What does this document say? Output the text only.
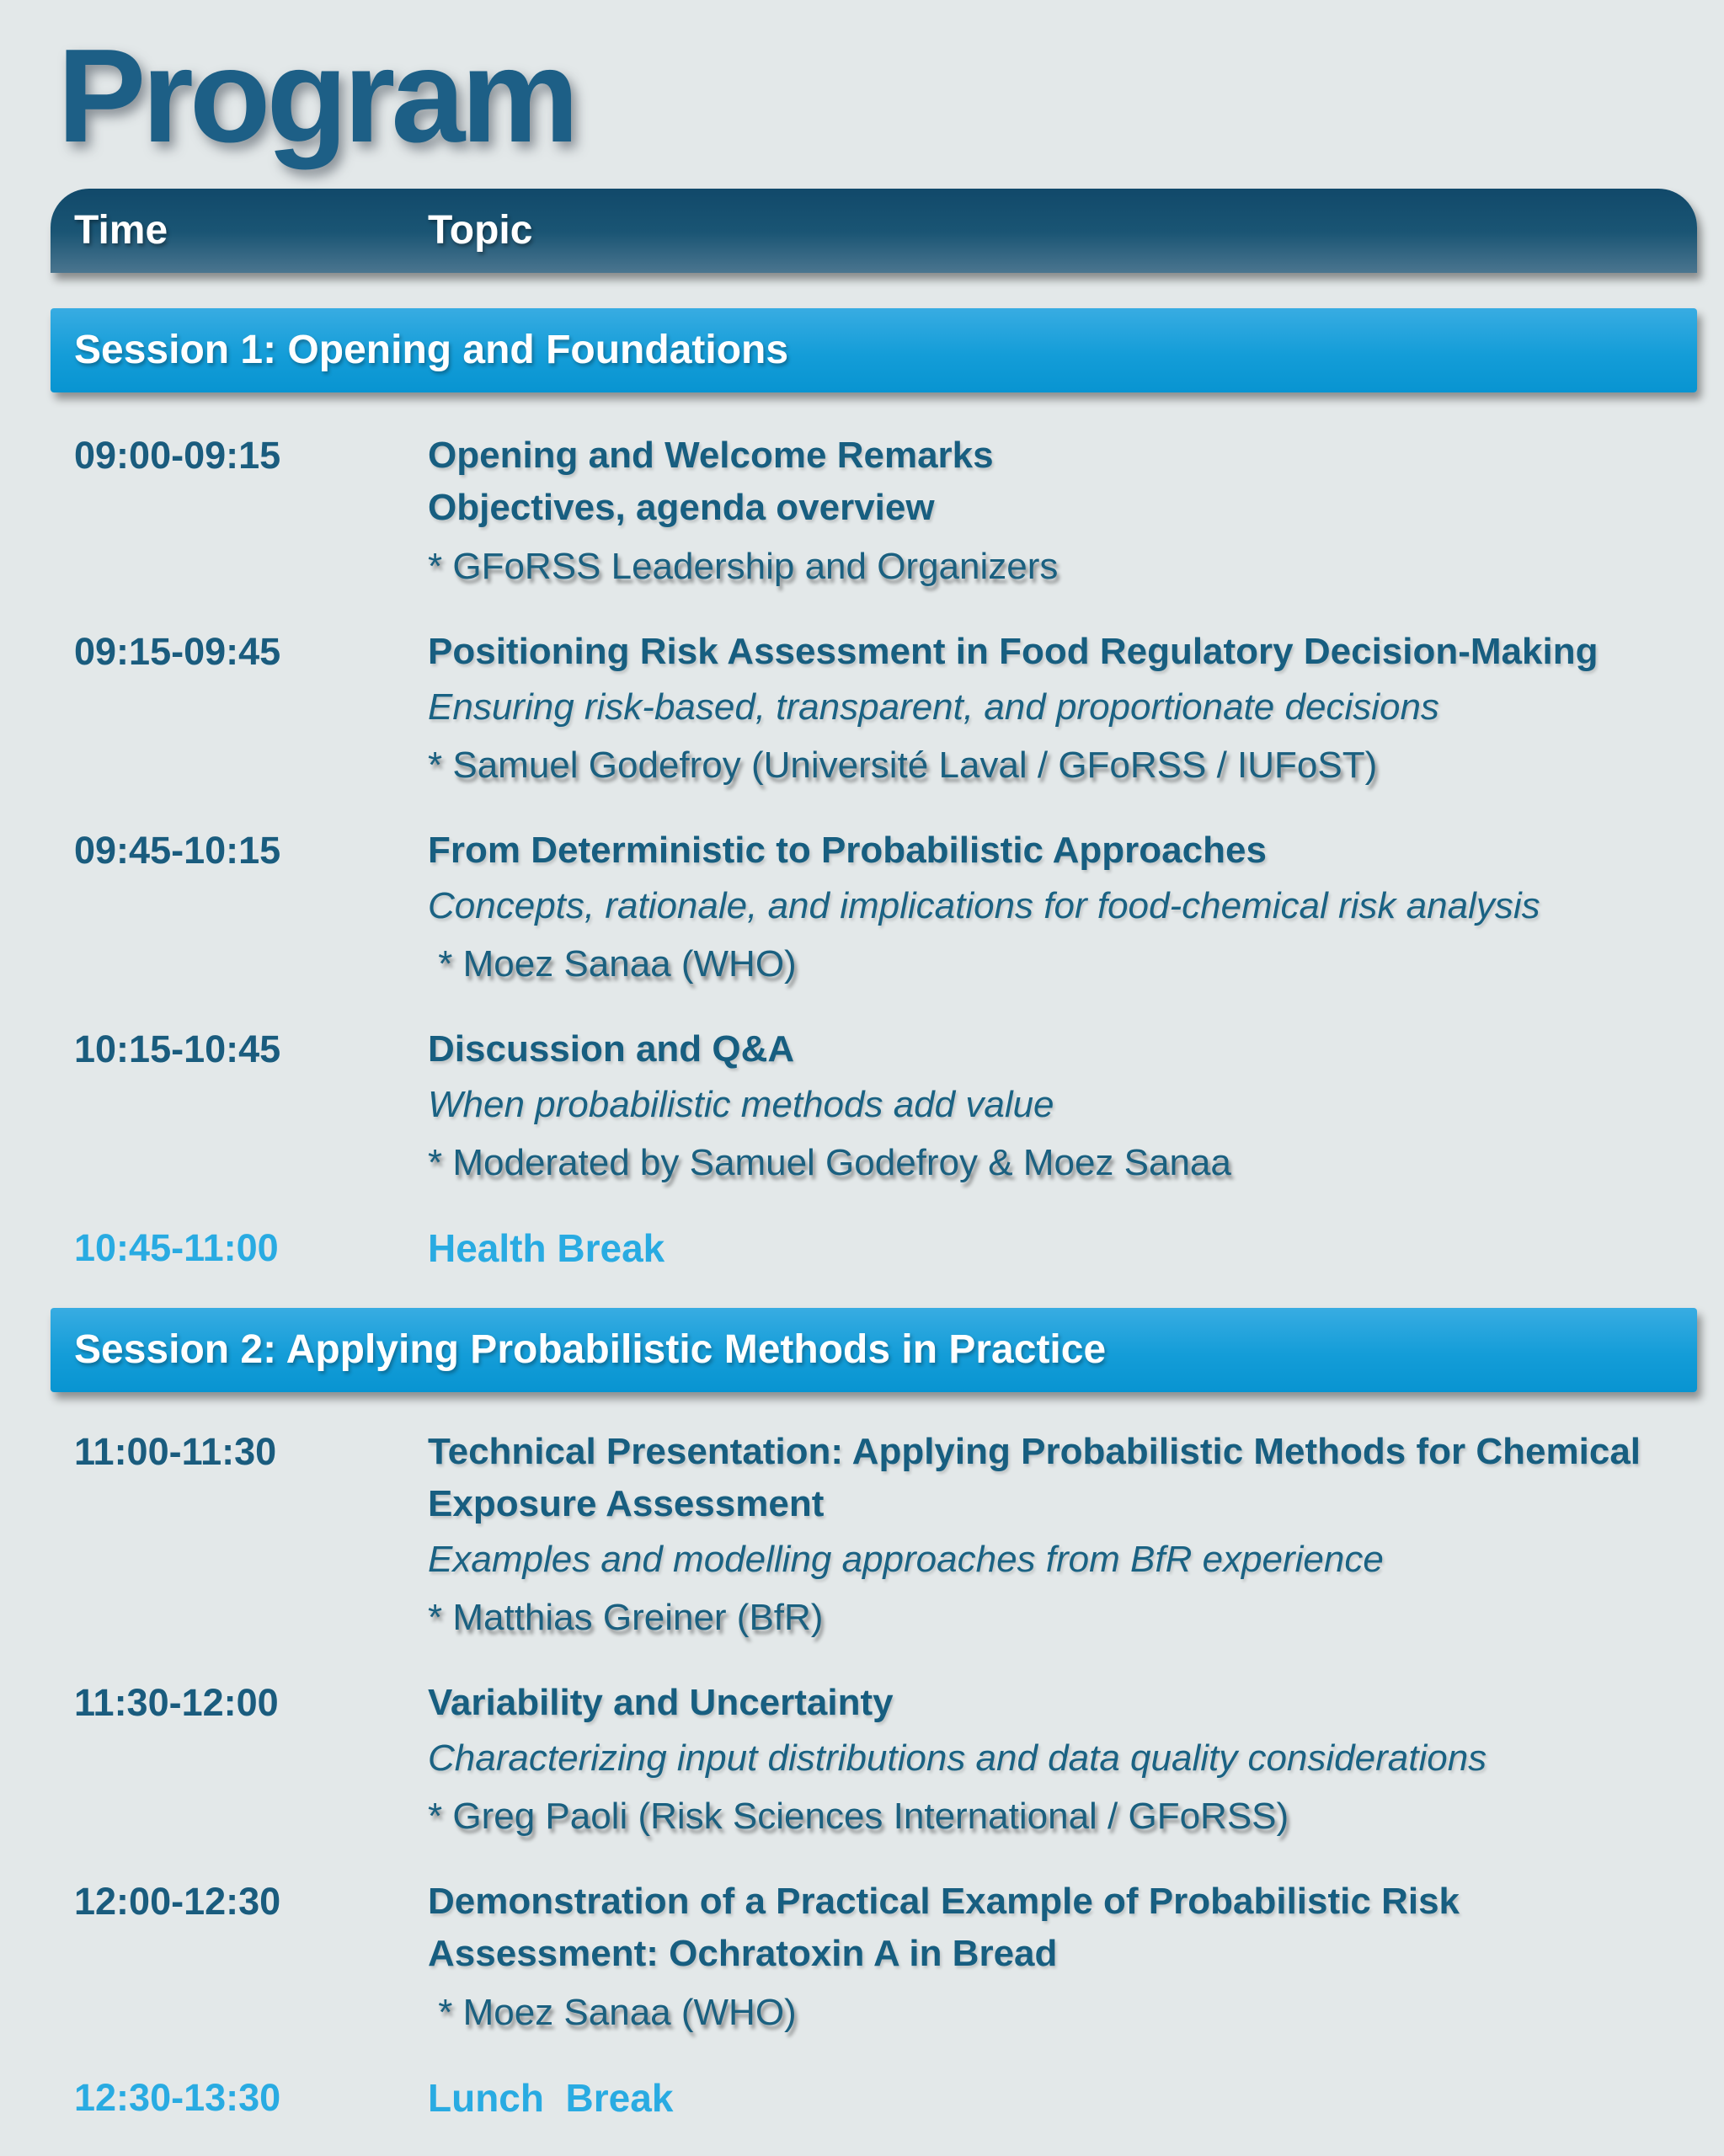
Program
Time	Topic
Session 1: Opening and Foundations
09:00-09:15	Opening and Welcome Remarks
Objectives, agenda overview
* GFoRSS Leadership and Organizers
09:15-09:45	Positioning Risk Assessment in Food Regulatory Decision-Making
Ensuring risk-based, transparent, and proportionate decisions
* Samuel Godefroy (Université Laval / GFoRSS / IUFoST)
09:45-10:15	From Deterministic to Probabilistic Approaches
Concepts, rationale, and implications for food-chemical risk analysis
* Moez Sanaa (WHO)
10:15-10:45	Discussion and Q&A
When probabilistic methods add value
* Moderated by Samuel Godefroy & Moez Sanaa
10:45-11:00	Health Break
Session 2: Applying Probabilistic Methods in Practice
11:00-11:30	Technical Presentation: Applying Probabilistic Methods for Chemical Exposure Assessment
Examples and modelling approaches from BfR experience
* Matthias Greiner (BfR)
11:30-12:00	Variability and Uncertainty
Characterizing input distributions and data quality considerations
* Greg Paoli (Risk Sciences International / GFoRSS)
12:00-12:30	Demonstration of a Practical Example of Probabilistic Risk Assessment: Ochratoxin A in Bread
* Moez Sanaa (WHO)
12:30-13:30	Lunch  Break
